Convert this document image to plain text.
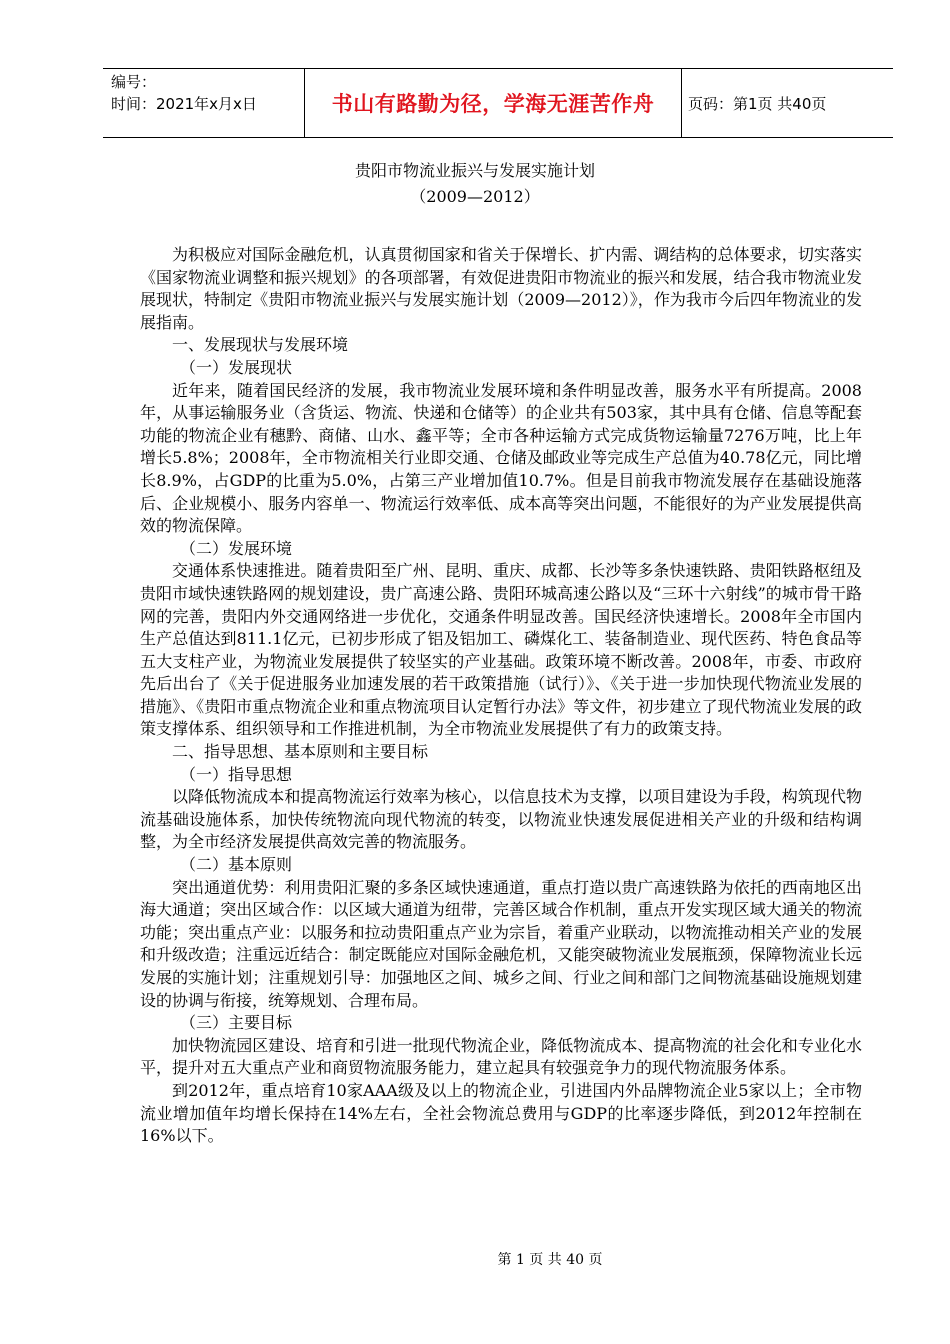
编号：
时间：2021年x月x日	书山有路勤为径，学海无涯苦作舟 页码：第1页 共40页
贵阳市物流业振兴与发展实施计划
（2009—2012）

为积极应对国际金融危机，认真贯彻国家和省关于保增长、扩内需、调结构的总体要求，切实落实《国家物流业调整和振兴规划》的各项部署，有效促进贵阳市物流业的振兴和发展，结合我市物流业发展现状，特制定《贵阳市物流业振兴与发展实施计划（2009—2012）》，作为我市今后四年物流业的发展指南。

一、发展现状与发展环境

（一）发展现状

近年来，随着国民经济的发展，我市物流业发展环境和条件明显改善，服务水平有所提高。2008年，从事运输服务业（含货运、物流、快递和仓储等）的企业共有503家，其中具有仓储、信息等配套功能的物流企业有穗黔、商储、山水、鑫平等；全市各种运输方式完成货物运输量7276万吨，比上年增长5.8%；2008年，全市物流相关行业即交通、仓储及邮政业等完成生产总值为40.78亿元，同比增长8.9%，占GDP的比重为5.0%，占第三产业增加值10.7%。但是目前我市物流发展存在基础设施落后、企业规模小、服务内容单一、物流运行效率低、成本高等突出问题，不能很好的为产业发展提供高效的物流保障。

（二）发展环境

交通体系快速推进。随着贵阳至广州、昆明、重庆、成都、长沙等多条快速铁路、贵阳铁路枢纽及贵阳市域快速铁路网的规划建设，贵广高速公路、贵阳环城高速公路以及“三环十六射线”的城市骨干路网的完善，贵阳内外交通网络进一步优化，交通条件明显改善。国民经济快速增长。2008年全市国内生产总值达到811.1亿元，已初步形成了铝及铝加工、磷煤化工、装备制造业、现代医药、特色食品等五大支柱产业，为物流业发展提供了较坚实的产业基础。政策环境不断改善。2008年，市委、市政府先后出台了《关于促进服务业加速发展的若干政策措施（试行）》、《关于进一步加快现代物流业发展的措施》、《贵阳市重点物流企业和重点物流项目认定暂行办法》等文件，初步建立了现代物流业发展的政策支撑体系、组织领导和工作推进机制，为全市物流业发展提供了有力的政策支持。

二、指导思想、基本原则和主要目标

（一）指导思想

以降低物流成本和提高物流运行效率为核心，以信息技术为支撑，以项目建设为手段，构筑现代物流基础设施体系，加快传统物流向现代物流的转变，以物流业快速发展促进相关产业的升级和结构调整，为全市经济发展提供高效完善的物流服务。

（二）基本原则

突出通道优势：利用贵阳汇聚的多条区域快速通道，重点打造以贵广高速铁路为依托的西南地区出海大通道；突出区域合作：以区域大通道为纽带，完善区域合作机制，重点开发实现区域大通关的物流功能；突出重点产业：以服务和拉动贵阳重点产业为宗旨，着重产业联动，以物流推动相关产业的发展和升级改造；注重远近结合：制定既能应对国际金融危机，又能突破物流业发展瓶颈，保障物流业长远发展的实施计划；注重规划引导：加强地区之间、城乡之间、行业之间和部门之间物流基础设施规划建设的协调与衔接，统筹规划、合理布局。

（三）主要目标

加快物流园区建设、培育和引进一批现代物流企业，降低物流成本、提高物流的社会化和专业化水平，提升对五大重点产业和商贸物流服务能力，建立起具有较强竞争力的现代物流服务体系。

到2012年，重点培育10家AAA级及以上的物流企业，引进国内外品牌物流企业5家以上；全市物流业增加值年均增长保持在14%左右，全社会物流总费用与GDP的比率逐步降低，到2012年控制在16%以下。

第 1 页 共 40 页
